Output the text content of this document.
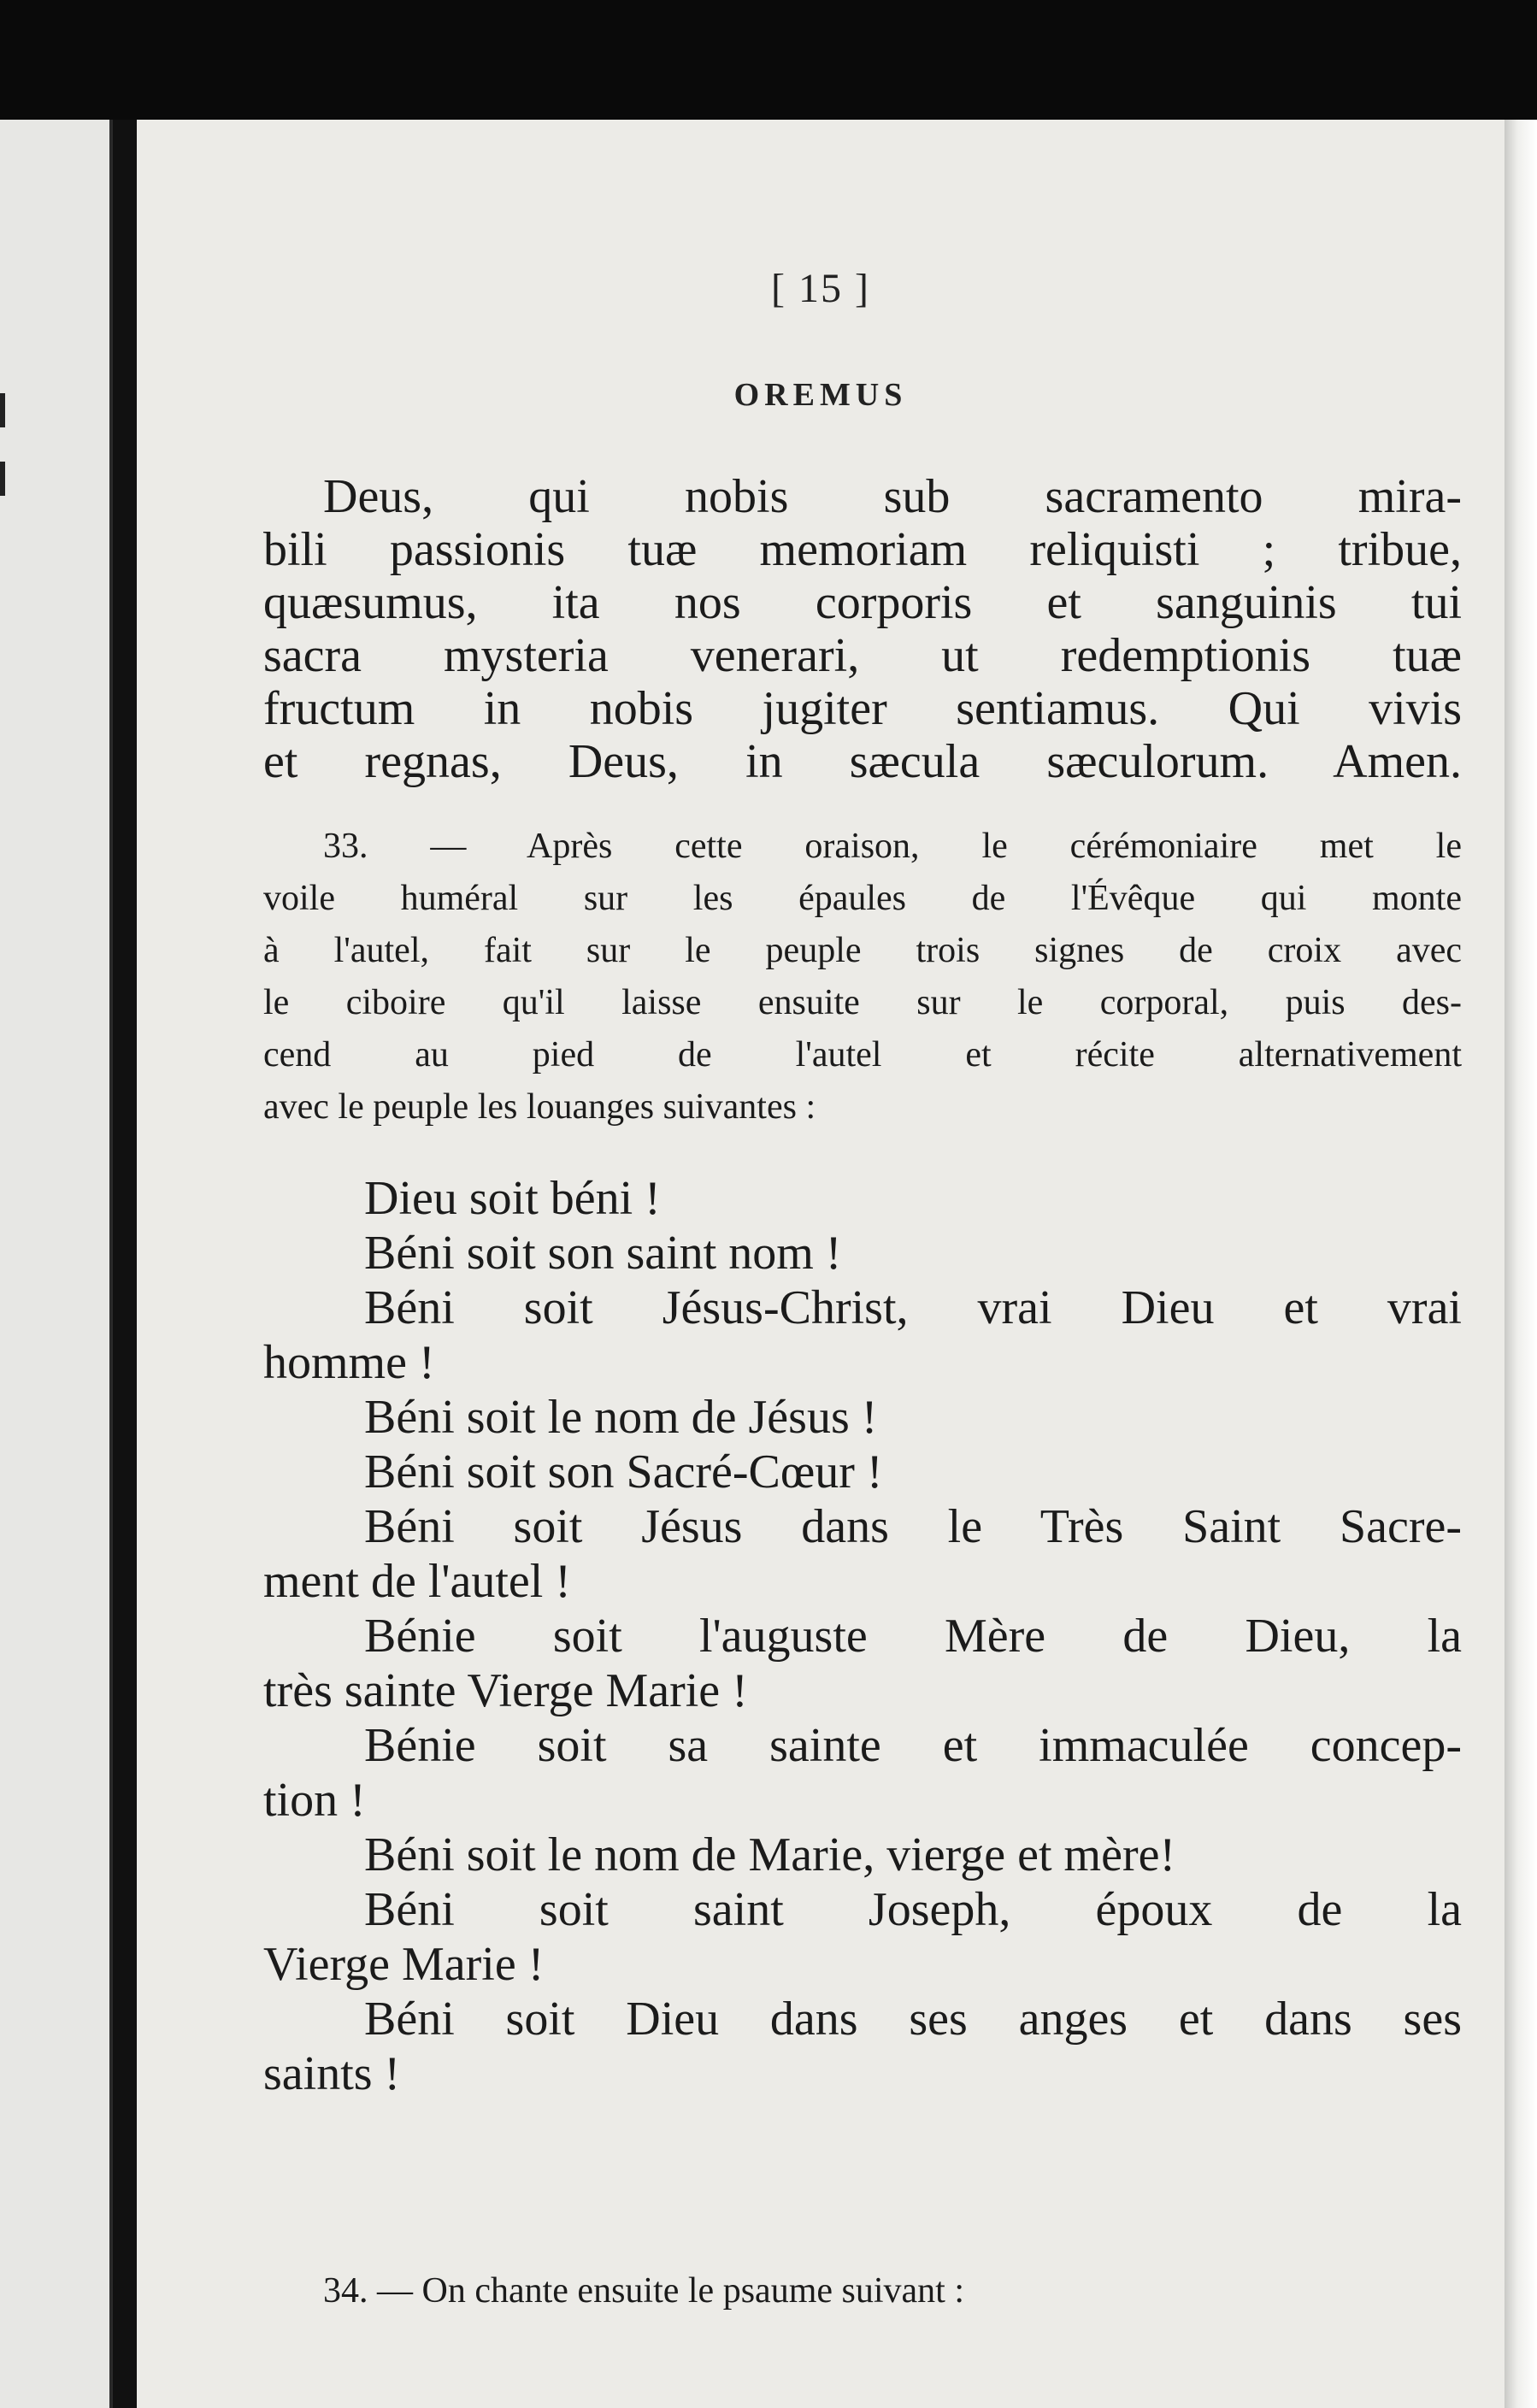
[ 15 ]
OREMUS
Deus, qui nobis sub sacramento mira-
bili passionis tuæ memoriam reliquisti ; tribue,
quæsumus, ita nos corporis et sanguinis tui
sacra mysteria venerari, ut redemptionis tuæ
fructum in nobis jugiter sentiamus. Qui vivis
et regnas, Deus, in sæcula sæculorum. Amen.
33. — Après cette oraison, le cérémoniaire met le
voile huméral sur les épaules de l'Évêque qui monte
à l'autel, fait sur le peuple trois signes de croix avec
le ciboire qu'il laisse ensuite sur le corporal, puis des-
cend au pied de l'autel et récite alternativement
avec le peuple les louanges suivantes :
Dieu soit béni !
Béni soit son saint nom !
Béni soit Jésus-Christ, vrai Dieu et vrai
homme !
Béni soit le nom de Jésus !
Béni soit son Sacré-Cœur !
Béni soit Jésus dans le Très Saint Sacre-
ment de l'autel !
Bénie soit l'auguste Mère de Dieu, la
très sainte Vierge Marie !
Bénie soit sa sainte et immaculée concep-
tion !
Béni soit le nom de Marie, vierge et mère!
Béni soit saint Joseph, époux de la
Vierge Marie !
Béni soit Dieu dans ses anges et dans ses
saints !
34. — On chante ensuite le psaume suivant :
